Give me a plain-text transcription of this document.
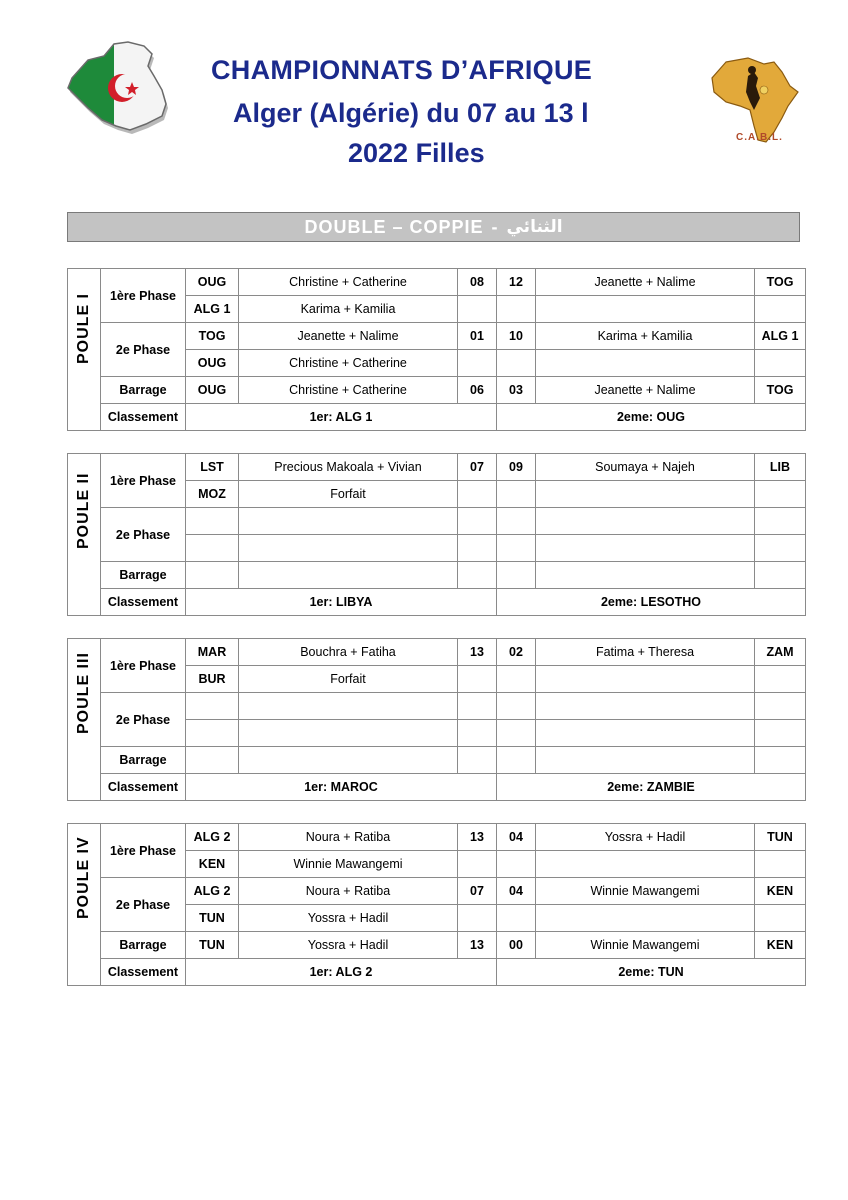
CHAMPIONNATS D’AFRIQUE
Alger (Algérie) du 07 au 13 l
2022 Filles
C.A.B.L.
DOUBLE – COPPIE - الثنائي
POULE I	1ère Phase	OUG	Christine + Catherine	08	12	Jeanette + Nalime	TOG
		ALG 1	Karima + Kamilia				
	2e Phase	TOG	Jeanette + Nalime	01	10	Karima + Kamilia	ALG 1
		OUG	Christine + Catherine				
	Barrage	OUG	Christine + Catherine	06	03	Jeanette + Nalime	TOG
	Classement	1er: ALG 1			2eme: OUG		
POULE II	1ère Phase	LST	Precious Makoala + Vivian	07	09	Soumaya + Najeh	LIB
		MOZ	Forfait				
	2e Phase						

	Barrage						
	Classement	1er: LIBYA			2eme: LESOTHO		
POULE III	1ère Phase	MAR	Bouchra + Fatiha	13	02	Fatima + Theresa	ZAM
		BUR	Forfait				
	2e Phase						

	Barrage						
	Classement	1er: MAROC			2eme: ZAMBIE		
POULE IV	1ère Phase	ALG 2	Noura + Ratiba	13	04	Yossra + Hadil	TUN
		KEN	Winnie Mawangemi				
	2e Phase	ALG 2	Noura + Ratiba	07	04	Winnie Mawangemi	KEN
		TUN	Yossra + Hadil				
	Barrage	TUN	Yossra + Hadil	13	00	Winnie Mawangemi	KEN
	Classement	1er: ALG 2			2eme: TUN		
